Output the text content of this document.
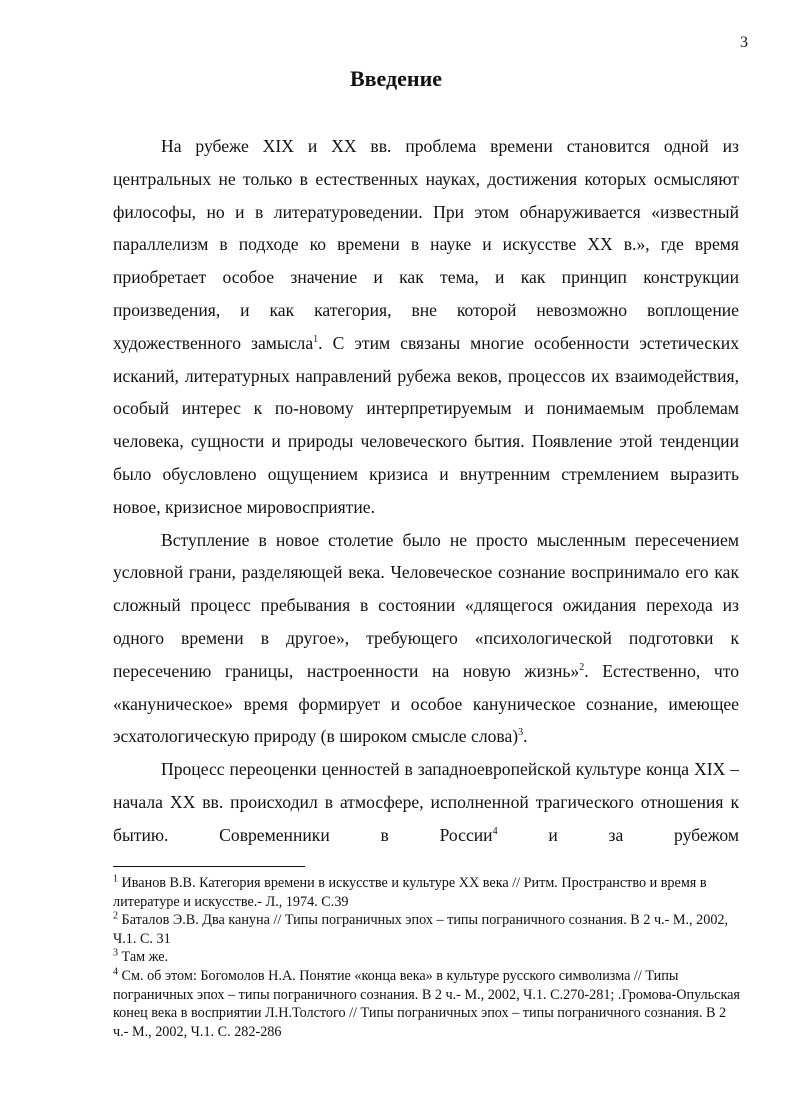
3
Введение

На рубеже XIX и XX вв. проблема времени становится одной из центральных не только в естественных науках, достижения которых осмысляют философы, но и в литературоведении. При этом обнаруживается «известный параллелизм в подходе ко времени в науке и искусстве XX в.», где время приобретает особое значение и как тема, и как принцип конструкции произведения, и как категория, вне которой невозможно воплощение художественного замысла$^1$. С этим связаны многие особенности эстетических исканий, литературных направлений рубежа веков, процессов их взаимодействия, особый интерес к по-новому интерпретируемым и понимаемым проблемам человека, сущности и природы человеческого бытия. Появление этой тенденции было обусловлено ощущением кризиса и внутренним стремлением выразить новое, кризисное мировосприятие.

Вступление в новое столетие было не просто мысленным пересечением условной грани, разделяющей века. Человеческое сознание воспринимало его как сложный процесс пребывания в состоянии «длящегося ожидания перехода из одного времени в другое», требующего «психологической подготовки к пересечению границы, настроенности на новую жизнь»$^2$. Естественно, что «кануническое» время формирует и особое кануническое сознание, имеющее эсхатологическую природу (в широком смысле слова)$^3$.

Процесс переоценки ценностей в западноевропейской культуре конца XIX – начала XX вв. происходил в атмосфере, исполненной трагического отношения к бытию. Современники в России$^4$ и за рубежом

$^1$ Иванов В.В. Категория времени в искусстве и культуре XX века // Ритм. Пространство и время в литературе и искусстве.- Л., 1974. С.39
$^2$ Баталов Э.В. Два кануна // Типы пограничных эпох – типы пограничного сознания. В 2 ч.- М., 2002, Ч.1. С. 31
$^3$ Там же.
$^4$ См. об этом: Богомолов Н.А. Понятие «конца века» в культуре русского символизма // Типы пограничных эпох – типы пограничного сознания. В 2 ч.- М., 2002, Ч.1. С.270-281; .Громова-Опульская конец века в восприятии Л.Н.Толстого // Типы пограничных эпох – типы пограничного сознания. В 2 ч.- М., 2002, Ч.1. С. 282-286
